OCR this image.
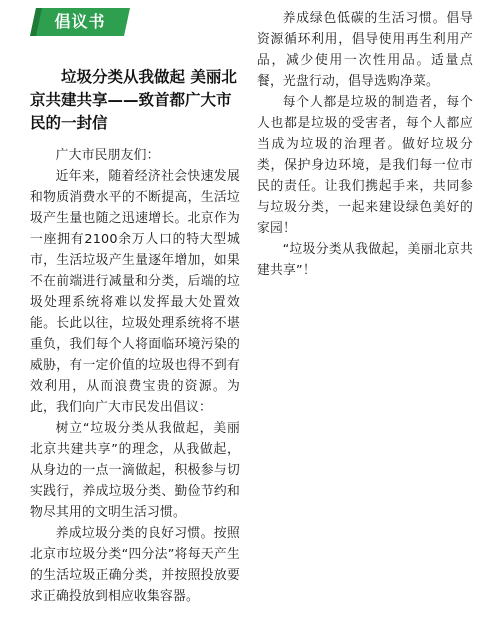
倡议书
垃圾分类从我做起 美丽北京共建共享——致首都广大市民的一封信

广大市民朋友们：

近年来，随着经济社会快速发展和物质消费水平的不断提高，生活垃圾产生量也随之迅速增长。北京作为一座拥有2100余万人口的特大型城市，生活垃圾产生量逐年增加，如果不在前端进行减量和分类，后端的垃圾处理系统将难以发挥最大处置效能。长此以往，垃圾处理系统将不堪重负，我们每个人将面临环境污染的威胁，有一定价值的垃圾也得不到有效利用，从而浪费宝贵的资源。为此，我们向广大市民发出倡议：

树立“垃圾分类从我做起，美丽北京共建共享”的理念，从我做起，从身边的一点一滴做起，积极参与切实践行，养成垃圾分类、勤俭节约和物尽其用的文明生活习惯。

养成垃圾分类的良好习惯。按照北京市垃圾分类“四分法”将每天产生的生活垃圾正确分类，并按照投放要求正确投放到相应收集容器。

养成绿色低碳的生活习惯。倡导资源循环利用，倡导使用再生利用产品，减少使用一次性用品。适量点餐，光盘行动，倡导选购净菜。

每个人都是垃圾的制造者，每个人也都是垃圾的受害者，每个人都应当成为垃圾的治理者。做好垃圾分类，保护身边环境，是我们每一位市民的责任。让我们携起手来，共同参与垃圾分类，一起来建设绿色美好的家园！

“垃圾分类从我做起，美丽北京共建共享”！
